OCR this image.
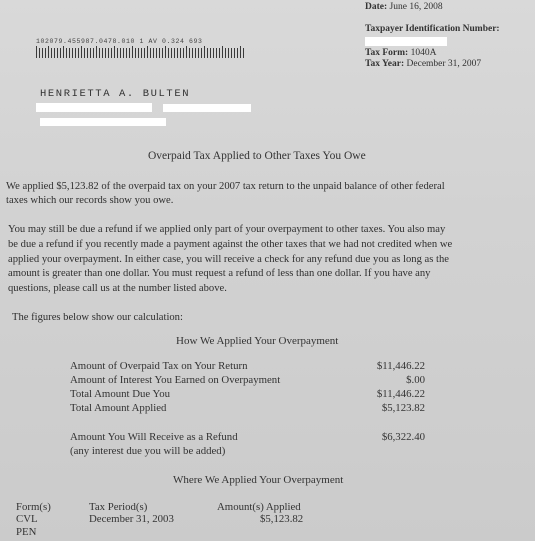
Date: June 16, 2008
Taxpayer Identification Number:
Tax Form: 1040A
Tax Year: December 31, 2007
102079.455987.0478.010 1 AV 0.324 693
HENRIETTA A. BULTEN
Overpaid Tax Applied to Other Taxes You Owe
We applied $5,123.82 of the overpaid tax on your 2007 tax return to the unpaid balance of other federal
taxes which our records show you owe.
You may still be due a refund if we applied only part of your overpayment to other taxes. You also may
be due a refund if you recently made a payment against the other taxes that we had not credited when we
applied your overpayment. In either case, you will receive a check for any refund due you as long as the
amount is greater than one dollar. You must request a refund of less than one dollar. If you have any
questions, please call us at the number listed above.
The figures below show our calculation:
How We Applied Your Overpayment
Amount of Overpaid Tax on Your Return	$11,446.22
Amount of Interest You Earned on Overpayment	$.00
Total Amount Due You	$11,446.22
Total Amount Applied	$5,123.82
Amount You Will Receive as a Refund	$6,322.40
(any interest due you will be added)
Where We Applied Your Overpayment
Form(s)	Tax Period(s)	Amount(s) Applied
CVL	December 31, 2003	$5,123.82
PEN
